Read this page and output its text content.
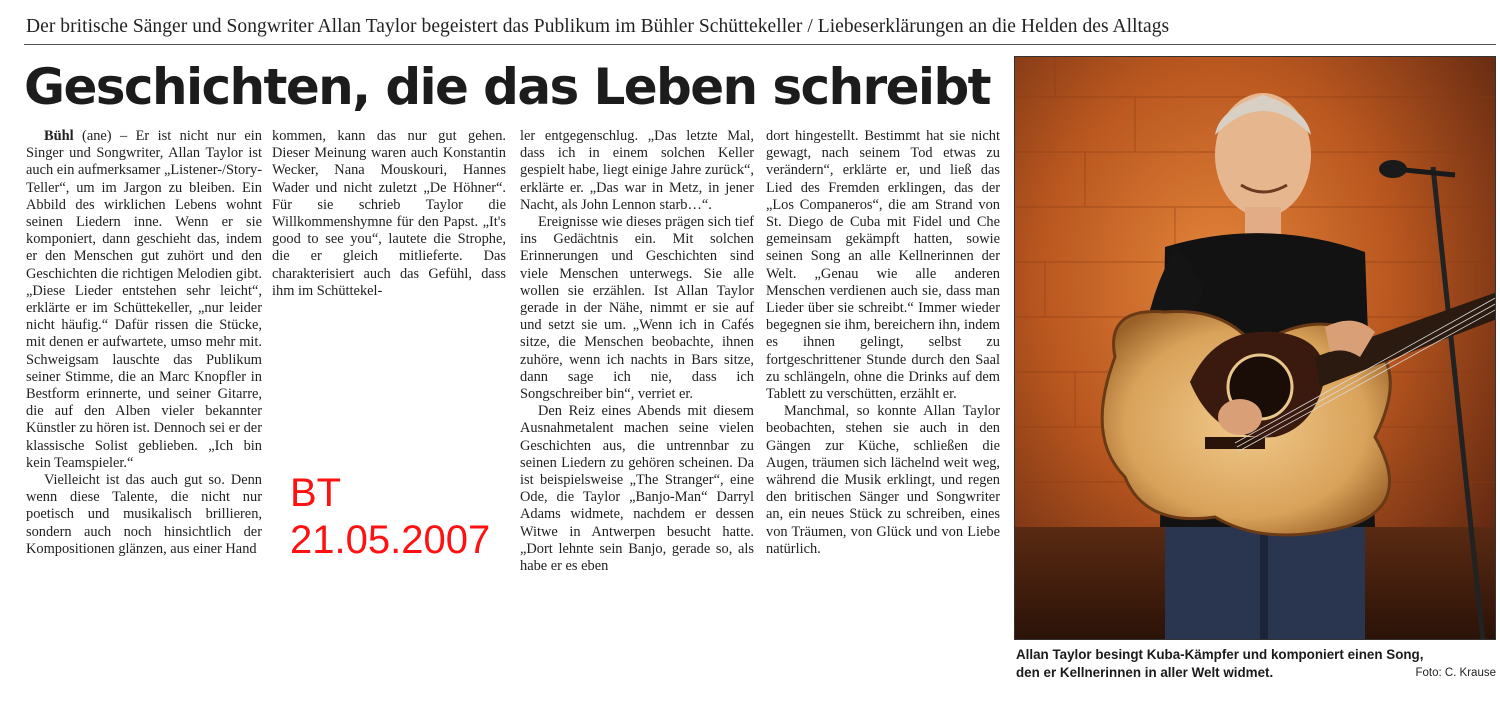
Der britische Sänger und Songwriter Allan Taylor begeistert das Publikum im Bühler Schüttekeller / Liebeserklärungen an die Helden des Alltags
Geschichten, die das Leben schreibt

Bühl (ane) – Er ist nicht nur ein Singer und Songwriter, Allan Taylor ist auch ein aufmerksamer „Listener-/Story-Teller“, um im Jargon zu bleiben. Ein Abbild des wirklichen Lebens wohnt seinen Liedern inne. Wenn er sie komponiert, dann geschieht das, indem er den Menschen gut zuhört und den Geschichten die richtigen Melodien gibt. „Diese Lieder entstehen sehr leicht“, erklärte er im Schüttekeller, „nur leider nicht häufig.“ Dafür rissen die Stücke, mit denen er aufwartete, umso mehr mit. Schweigsam lauschte das Publikum seiner Stimme, die an Marc Knopfler in Bestform erinnerte, und seiner Gitarre, die auf den Alben vieler bekannter Künstler zu hören ist. Dennoch sei er der klassische Solist geblieben. „Ich bin kein Teamspieler.“

Vielleicht ist das auch gut so. Denn wenn diese Talente, die nicht nur poetisch und musikalisch brillieren, sondern auch noch hinsichtlich der Kompositionen glänzen, aus einer Hand

kommen, kann das nur gut gehen. Dieser Meinung waren auch Konstantin Wecker, Nana Mouskouri, Hannes Wader und nicht zuletzt „De Höhner“. Für sie schrieb Taylor die Willkommenshymne für den Papst. „It's good to see you“, lautete die Strophe, die er gleich mitlieferte. Das charakterisiert auch das Gefühl, dass ihm im Schüttekel-

BT
21.05.2007

ler entgegenschlug. „Das letzte Mal, dass ich in einem solchen Keller gespielt habe, liegt einige Jahre zurück“, erklärte er. „Das war in Metz, in jener Nacht, als John Lennon starb…“.

Ereignisse wie dieses prägen sich tief ins Gedächtnis ein. Mit solchen Erinnerungen und Geschichten sind viele Menschen unterwegs. Sie alle wollen sie erzählen. Ist Allan Taylor gerade in der Nähe, nimmt er sie auf und setzt sie um. „Wenn ich in Cafés sitze, die Menschen beobachte, ihnen zuhöre, wenn ich nachts in Bars sitze, dann sage ich nie, dass ich Songschreiber bin“, verriet er.

Den Reiz eines Abends mit diesem Ausnahmetalent machen seine vielen Geschichten aus, die untrennbar zu seinen Liedern zu gehören scheinen. Da ist beispielsweise „The Stranger“, eine Ode, die Taylor „Banjo-Man“ Darryl Adams widmete, nachdem er dessen Witwe in Antwerpen besucht hatte. „Dort lehnte sein Banjo, gerade so, als habe er es eben

dort hingestellt. Bestimmt hat sie nicht gewagt, nach seinem Tod etwas zu verändern“, erklärte er, und ließ das Lied des Fremden erklingen, das der „Los Companeros“, die am Strand von St. Diego de Cuba mit Fidel und Che gemeinsam gekämpft hatten, sowie seinen Song an alle Kellnerinnen der Welt. „Genau wie alle anderen Menschen verdienen auch sie, dass man Lieder über sie schreibt.“ Immer wieder begegnen sie ihm, bereichern ihn, indem es ihnen gelingt, selbst zu fortgeschrittener Stunde durch den Saal zu schlängeln, ohne die Drinks auf dem Tablett zu verschütten, erzählt er.

Manchmal, so konnte Allan Taylor beobachten, stehen sie auch in den Gängen zur Küche, schließen die Augen, träumen sich lächelnd weit weg, während die Musik erklingt, und regen den britischen Sänger und Songwriter an, ein neues Stück zu schreiben, eines von Träumen, von Glück und von Liebe natürlich.

Allan Taylor besingt Kuba-Kämpfer und komponiert einen Song,
den er Kellnerinnen in aller Welt widmet.	Foto: C. Krause
